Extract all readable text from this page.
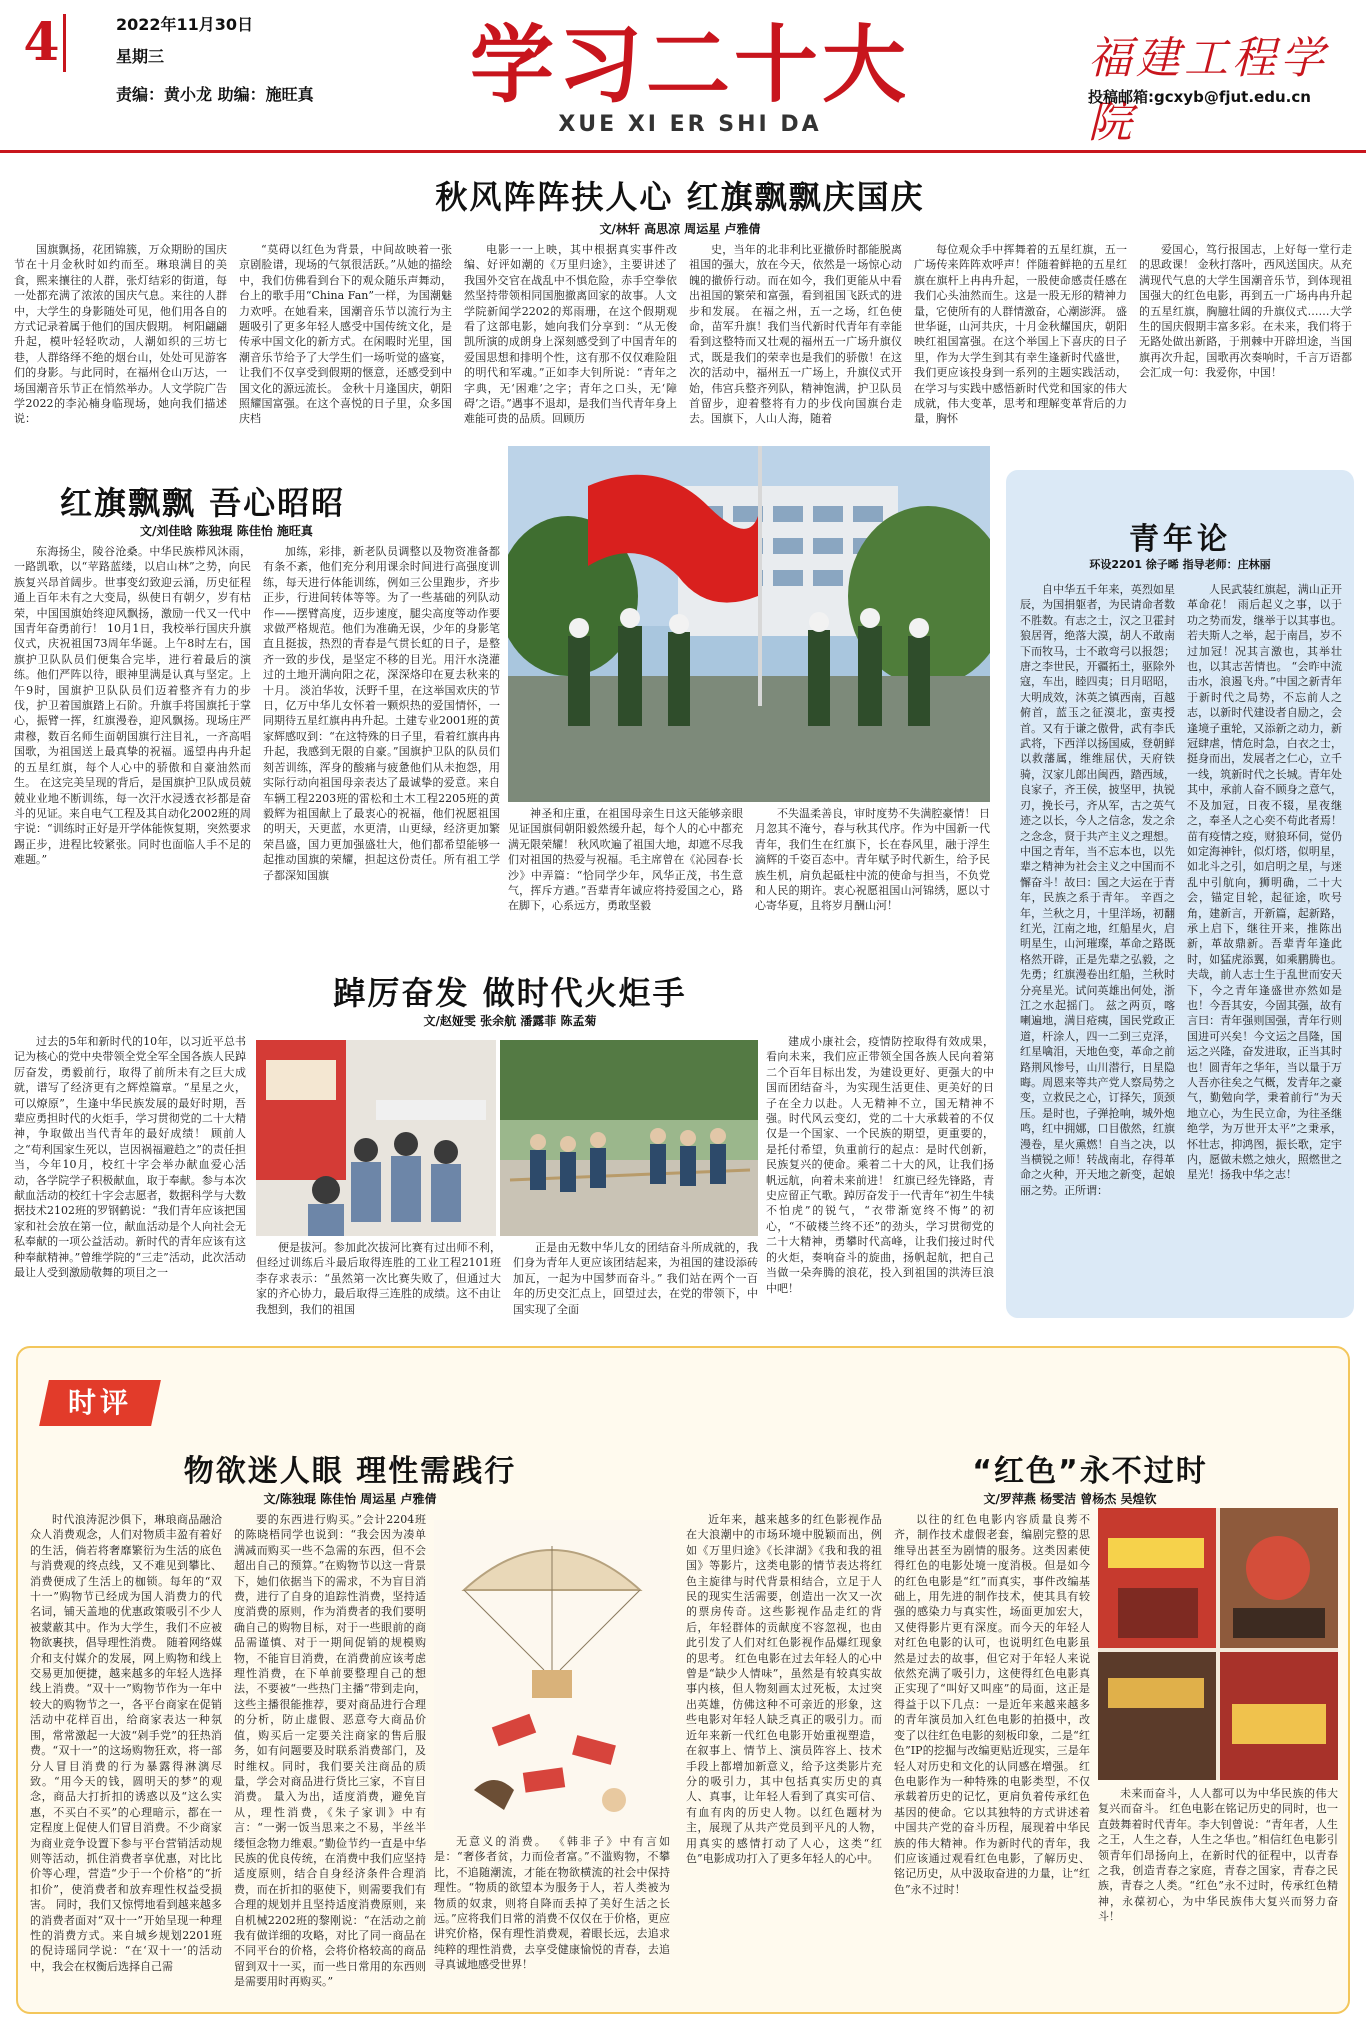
4	2022年11月30日
星期三
责编：黄小龙 助编：施旺真 学习二十大
XUE XI ER SHI DA
福建工程学院
投稿邮箱:gcxyb@fjut.edu.cn
秋风阵阵扶人心 红旗飘飘庆国庆
文/林轩 高思凉 周运星 卢雅倩

国旗飘扬，花团锦簇，万众期盼的国庆节在十月金秋时如约而至。琳琅满目的美食，熙来攘往的人群，张灯结彩的街道，每一处都充满了浓浓的国庆气息。来往的人群中，大学生的身影随处可见，他们用各自的方式记录着属于他们的国庆假期。 柯阳翩翩升起，模叶轻轻吹动，人潮如织的三坊七巷，人群络绎不绝的烟台山，处处可见游客们的身影。与此同时，在福州仓山万达，一场国潮音乐节正在悄然举办。人文学院广告学2022的李沁楠身临现场，她向我们描述说：

“莫碍以红色为背景，中间故映着一张京剧脸谱，现场的气氛很活跃。”从她的描绘中，我们仿佛看到台下的观众随乐声舞动，台上的歌手用“China Fan”一样，为国潮魅力欢呼。在她看来，国潮音乐节以流行为主题吸引了更多年轻人感受中国传统文化，是传承中国文化的新方式。在闲暇时光里，国潮音乐节给予了大学生们一场听觉的盛宴，让我们不仅享受到假期的惬意，还感受到中国文化的源远流长。 金秋十月逢国庆，朝阳照耀国富强。在这个喜悦的日子里，众多国庆档

电影一一上映，其中根据真实事件改编、好评如潮的《万里归途》，主要讲述了我国外交官在战乱中不惧危险，赤手空拳依然坚持带领相同国胞撤离回家的故事。人文学院新闻学2202的郑雨珊，在这个假期观看了这部电影，她向我们分享到：“从无俊凯所演的成朗身上深刻感受到了中国青年的爱国思想和排明个性，这有那不仅仅难险阻的明代和军魂。”正如李大钊所说：“青年之字典，无‘困难’之字；青年之口头，无‘障碍’之语。”遇事不退却，是我们当代青年身上难能可贵的品质。回顾历

史，当年的北非利比亚撤侨时都能脱离祖国的强大，放在今天，依然是一场惊心动魄的撤侨行动。而在如今，我们更能从中看出祖国的繁荣和富强，看到祖国飞跃式的进步和发展。 在福之州，五一之场，红色使命，苗军升旗！我们当代新时代青年有幸能看到这整特而又壮观的福州五一广场升旗仪式，既是我们的荣幸也是我们的骄傲！在这次的活动中，福州五一广场上，升旗仪式开始，伟宫兵整齐列队，精神饱满，护卫队员首留步，迎着整将有力的步伐向国旗台走去。国旗下，人山人海，随着

每位观众手中挥舞着的五星红旗，五一广场传来阵阵欢呼声！伴随着鲜艳的五星红旗在旗杆上冉冉升起，一股使命感责任感在我们心头油然而生。这是一股无形的精神力量，它使所有的人群情激奋，心潮澎湃。 盛世华诞，山河共庆，十月金秋耀国庆，朝阳映红祖国富强。在这个举国上下喜庆的日子里，作为大学生到其有幸生逢新时代盛世，我们更应该投身到一系列的主题实践活动，在学习与实践中感悟新时代党和国家的伟大成就，伟大变革，思考和理解变革背后的力量，胸怀

爱国心，笃行报国志，上好每一堂行走的思政课！ 金秋打落叶，西风送国庆。从充满现代气息的大学生国潮音乐节，到体现祖国强大的红色电影，再到五一广场冉冉升起的五星红旗，胸臆壮阔的升旗仪式……大学生的国庆假期丰富多彩。在未来，我们将于无路处做出新路，于荆棘中开辟坦途，当国旗再次升起，国歌再次奏响时，千言万语都会汇成一句：我爱你，中国！

红旗飘飘 吾心昭昭
文/刘佳晗 陈独琨 陈佳怡 施旺真

东海扬尘，陵谷沧桑。中华民族栉风沐雨，一路凯歌，以“苹路蓝缕，以启山林”之势，向民族复兴昂首阔步。世事变幻致迎云涌，历史征程通上百年未有之大变局，纵使日有朝夕，岁有枯荣，中国国旗始终迎风飘扬，激励一代又一代中国青年奋勇前行！ 10月1日，我校举行国庆升旗仪式，庆祝祖国73周年华诞。上午8时左右，国旗护卫队队员们便集合完毕，进行着最后的演练。他们严阵以待，眼神里满是认真与坚定。上午9时，国旗护卫队队员们迈着整齐有力的步伐，护卫着国旗踏上石阶。升旗手将国旗托于掌心，振臂一挥，红旗漫卷，迎风飘扬。现场庄严肃穆，数百名师生面朝国旗行注目礼，一齐高唱国歌，为祖国送上最真挚的祝福。遥望冉冉升起的五星红旗，每个人心中的骄傲和自豪油然而生。 在这完美呈现的背后，是国旗护卫队成员兢兢业业地不断训练，每一次汗水浸透衣衫都是奋斗的见证。来自电气工程及其自动化2002班的周宇说：“训练时正好是开学体能恢复期，突然要求踢正步，进程比较紧张。同时也面临人手不足的难题。”

加练，彩排，新老队员调整以及物资准备都有条不紊，他们充分利用课余时间进行高强度训练，每天进行体能训练，例如三公里跑步，齐步正步，行进间转体等等。为了一些基础的列队动作——摆臂高度，迈步速度，腿尖高度等动作要求做严格规范。他们为准确无误，少年的身影笔直且挺拔，热烈的青春是气贯长虹的日子，是整齐一致的步伐，是坚定不移的目光。用汗水浇灌过的土地开满向阳之花，深深烙印在夏去秋来的十月。 淡泊华妆，沃野千里，在这举国欢庆的节日，亿万中华儿女怀着一颗炽热的爱国情怀，一同期待五星红旗冉冉升起。土建专业2001班的黄家辉感叹到：“在这特殊的日子里，看着红旗冉冉升起，我感到无限的自豪。”国旗护卫队的队员们刻苦训练，浑身的酸痛与疲惫他们从未抱怨，用实际行动向祖国母亲表达了最诚挚的爱意。来自车辆工程2203班的雷松和土木工程2205班的黄毅辉为祖国献上了最衷心的祝福，他们祝愿祖国的明天，天更蓝，水更清，山更绿，经济更加繁荣昌盛，国力更加强盛壮大，他们都希望能够一起推动国旗的荣耀，担起这份责任。所有祖工学子都深知国旗

神圣和庄重，在祖国母亲生日这天能够亲眼见证国旗伺朝阳毅然缓升起，每个人的心中都充满无限荣耀！ 秋风吹遍了祖国大地，却遮不尽我们对祖国的热爱与祝福。毛主席曾在《沁园春·长沙》中弄篇：“恰同学少年，风华正茂，书生意气，挥斥方遒。”吾辈青年诚应将持爱国之心，路在脚下，心系远方，勇敢坚毅

不失温柔善良，审时度势不失满腔豪情！ 日月忽其不淹兮，春与秋其代序。作为中国新一代青年，我们生在红旗下，长在春风里，融于浮生滴辉的千姿百态中。青年赋予时代新生，给予民族生机，肩负起砥柱中流的使命与担当，不负党和人民的期许。衷心祝愿祖国山河锦绣，愿以寸心寄华夏，且将岁月酬山河！

踔厉奋发 做时代火炬手
文/赵娅雯 张余航 潘露菲 陈孟菊

过去的5年和新时代的10年，以习近平总书记为核心的党中央带领全党全军全国各族人民踔厉奋发，勇毅前行，取得了前所未有之巨大成就，谱写了经济更有之辉煌篇章。“星星之火，可以燎原”，生逢中华民族发展的最好时期，吾辈应勇担时代的火炬手，学习贯彻党的二十大精神，争取做出当代青年的最好成绩！ 顾前人之“苟利国家生死以，岂因祸福避趋之”的责任担当，今年10月，校红十字会举办献血爱心活动，各学院学子积极献血，取于奉献。参与本次献血活动的校红十字会志愿者，数据科学与大数据技术2102班的罗钢鹤说：“我们青年应该把国家和社会放在第一位，献血活动是个人向社会无私奉献的一项公益活动。新时代的青年应该有这种奉献精神。”曾维学院的“三走”活动，此次活动最让人受到激励敬舞的项目之一

便是拔河。参加此次拔河比赛有过出师不利，但经过训练后斗最后取得连胜的工业工程2101班李存求表示：“虽然第一次比赛失败了，但通过大家的齐心协力，最后取得三连胜的成绩。这不由让我想到，我们的祖国

正是由无数中华儿女的团结奋斗所成就的，我们身为青年人更应该团结起来，为祖国的建设添砖加瓦，一起为中国梦而奋斗。” 我们站在两个一百年的历史交汇点上，回望过去，在党的带领下，中国实现了全面

建成小康社会，疫情防控取得有效成果，看向未来，我们应正带领全国各族人民向着第二个百年目标出发，为建设更好、更强大的中国而团结奋斗，为实现生活更佳、更美好的日子在全力以赴。人无精神不立，国无精神不强。时代风云变幻，党的二十大承载着的不仅仅是一个国家、一个民族的期望，更重要的，是托付希望，负重前行的起点：是时代创新，民族复兴的使命。乘着二十大的风，让我们扬帆远航，向着未来前进！ 红旗已经先锋路，青史应留正气歌。踔厉奋发于一代青年“初生牛犊不怕虎”的锐气，“衣带渐宽终不悔”的初心，“不破楼兰终不还”的劲头，学习贯彻党的二十大精神，勇攀时代高峰，让我们接过时代的火炬，奏响奋斗的旋曲，扬帆起航，把自己当做一朵奔腾的浪花，投入到祖国的洪涛巨浪中吧！

青年论
环设2201 徐子晞 指导老师：庄林丽

自中华五千年来，英烈如星辰，为国捐躯者，为民请命者数不胜数。有志之士，汉之卫霍封狼居胥，绝落大漠，胡人不敢南下而牧马，士不敢弯弓以报怨；唐之李世民，开疆拓土，驱除外寇，车出，睦四夷；日月昭昭，大明成效，沐英之镇西南，百越俯首，蓝玉之征漠北，蛮夷授首。又有于谦之傲骨，武有李氏武将，下西洋以扬国威，登朝鲜以救藩属，维维屈伏，天府铁骑，汉家儿郎出闽西，踏西域，良家子，齐王侯，披坚甲，执锐刃，挽长弓，齐从军，古之英气迹之以长，今人之信念，发之余之念念，贤于共产主义之理想。中国之青年，当不忘本也，以先辈之精神为社会主义之中国而不懈奋斗！故曰：国之大运在于青年，民族之系于青年。 辛酉之年，兰秋之月，十里洋场，初翻红光，江南之地，红船星火，启明星生，山河璀璨，革命之路既格然开辟，正是先辈之弘毅，之先勇；红旗漫卷出红船，兰秋时分亮星光。试问英雄出何处，浙江之水起摇门。 兹之两页，喀喇遍地，满目疮痍，国民党政正道，杆涂人，四一二到三克泽，红星噙泪，天地色变，革命之前路荆风惨号，山川潜行，日星隐晦。周恩来等共产党人察局势之变，立救民之心，订择矢，顶颈压。是时也，子弹抢响，城外炮鸣，红中拥娜，口目傲然，红旗漫卷，星火熏燃！自当之决，以当横锐之师！转战南北，存得革命之火种，开天地之新变，起娘丽之势。正所谓：

人民武装红旗起，满山正开革命花！ 雨后起义之事，以于功之势而发，继举于以其事也。若夫斯人之举，起于南昌，岁不过加冠！况其言激也，其举壮也，以其志苦情也。 “会昨中流击水，浪遏飞舟。”中国之新青年于新时代之局势，不忘前人之志，以新时代建设者自励之，会逢境子重轮，又添新之动力，新冠肆虐，情危时急，白衣之士，挺身而出，发展者之仁心，立千一线，筑新时代之长城。青年处其中，承前人奋不顾身之意气，不及加冠，日夜不辍，星夜继之，奉圣人之心奕不苟此者焉！ 苗有疫情之疫，财狼环伺，觉仍如定海神针，似灯塔，似明星，如北斗之引，如启明之星，与迷乱中引航向，狮明确，二十大会，锚定目轮，起征途，吹号角，建新言，开新篇，起新路，承上启下，继往开来，推陈出新，革故鼎新。吾辈青年逢此时，如猛虎添翼，如乘鹏腾也。 夫哉，前人志士生于乱世而安天下，今之青年逢盛世亦然如是也！今吾其安，今固其强，故有言曰：青年强则国强，青年行则国进可兴矣！今文运之昌隆，国运之兴隆，奋发进取，正当其时也！圆青年之华年，当以量于万人吾亦往矣之气概，发青年之豪气，勤勉向学，秉着前行“为天地立心，为生民立命，为往圣继绝学，为万世开太平”之秉承，怀壮志，抑鸿图，振长歌，定宇内，愿做未燃之烛火，照燃世之星光！扬我中华之志！

时评
物欲迷人眼 理性需践行
文/陈独琨 陈佳怡 周运星 卢雅倩

时代浪涛泥沙俱下，琳琅商品融洽众人消费观念，人们对物质丰盈有着好的生活，倘若将奢靡繁衍为生活的底色与消费观的终点线，又不难见到攀比、消费便成了生活上的枷锁。每年的“双十一”购物节已经成为国人消费力的代名词，铺天盖地的优惠政策吸引不少人被蒙蔽其中。作为大学生，我们不应被物欲裹挟，倡导理性消费。 随着网络媒介和支付媒介的发展，网上购物和线上交易更加便捷，越来越多的年轻人选择线上消费。“双十一”购物节作为一年中较大的购物节之一，各平台商家在促销活动中花样百出，给商家表达一种氛围，常常激起一大波“剁手党”的狂热消费。“双十一”的这场购物狂欢，将一部分人冒目消费的行为暴露得淋漓尽致。“用今天的钱，圆明天的梦”的观念，商品大打折扣的诱惑以及“这么实惠，不买白不买”的心理暗示，都在一定程度上促使人们冒目消费。不少商家为商业竞争设置下参与平台营销活动规则等活动，抓住消费者享优惠，对比比价等心理，营造“少于一个价格”的“折扣价”，使消费者和放弃理性权益受损害。 同时，我们又惊愕地看到越来越多的消费者面对“双十一”开始呈现一种理性的消费方式。来自城乡规划2201班的倪诗瑶同学说：“在‘双十一’的活动中，我会在权衡后选择自己需

要的东西进行购买。”会计2204班的陈晓梧同学也说到：“我会因为凑单满减而购买一些不急需的东西，但不会超出自己的预算。”在购物节以这一背景下，她们依据当下的需求，不为盲目消费，进行了自身的追踪性消费，坚持适度消费的原则，作为消费者的我们要明确自己的购物目标，对于一些眼前的商品需谨慎、对于一期间促销的规模购物，不能盲目消费，在消费前应该考虑理性消费，在下单前要整理自己的想法，不要被“一些热门主播”带到走向，这些主播很能推荐，要对商品进行合理的分析，防止虚假、恶意夸大商品价值，购买后一定要关注商家的售后服务，如有问题要及时联系消费部门，及时维权。同时，我们要关注商品的质量，学会对商品进行货比三家，不盲目消费。 量入为出，适度消费，避免盲从，理性消费，《朱子家训》中有言：“一粥一饭当思来之不易，半丝半缕恒念物力维艰。”勤俭节约一直是中华民族的优良传统，在消费中我们应坚持适度原则，结合自身经济条件合理消费，而在折扣的驱使下，则需要我们有合理的规划并且坚持适度消费原则，来自机械2202班的黎刚说：“在活动之前我有做详细的攻略，对比了同一商品在不同平台的价格，会将价格较高的商品留到双十一买，而一些日常用的东西则是需要用时再购买。”

无意义的消费。 《韩非子》中有言如是：“奢侈者贫，力而俭者富。”不滥购物，不攀比，不追随潮流，才能在物欲横流的社会中保持理性。“物质的欲望本为服务于人，若人类被为物质的奴隶，则将自降而丢掉了美好生活之长远。”应将我们日常的消费不仅仅在于价格，更应讲究价格，保有理性消费观，着眼长远，去追求纯粹的理性消费，去享受健康愉悦的青春，去追寻真诚地感受世界！

“红色”永不过时
文/罗萍燕 杨雯洁 曾杨杰 吴煌钦

近年来，越来越多的红色影视作品在大浪潮中的市场环境中脱颖而出，例如《万里归途》《长津湖》《我和我的祖国》等影片，这类电影的情节表达将红色主旋律与时代背景相结合，立足于人民的现实生活需要，创造出一次又一次的票房传奇。这些影视作品走红的背后，年轻群体的贡献度不容忽视，也由此引发了人们对红色影视作品爆红现象的思考。 红色电影在过去年轻人的心中曾是“缺少人情味”，虽然是有较真实故事内核，但人物刻画太过死板，太过突出英雄，仿佛这种不可亲近的形象，这些电影对年轻人缺乏真正的吸引力。而近年来新一代红色电影开始重视塑造，在叙事上、情节上、演员阵容上、技术手段上都增加新意义，给予这类影片充分的吸引力，其中包括真实历史的真人、真事，让年轻人看到了真实可信、有血有肉的历史人物。以红色题材为主，展现了从共产党员到平凡的人物，用真实的感情打动了人心，这类“红色”电影成功打入了更多年轻人的心中。

以往的红色电影内容质量良莠不齐，制作技术虚假老套，编剧完整的思维导出甚至为剧情的服务。这类因素使得红色的电影处境一度消极。但是如今的红色电影是“红”而真实，事件改编基础上，用先进的制作技术，使其具有较强的感染力与真实性，场面更加宏大，又使得影片更有深度。而今天的年轻人对红色电影的认可，也说明红色电影虽然是过去的故事，但它对于年轻人来说依然充满了吸引力，这使得红色电影真正实现了“叫好又叫座”的局面，这正是得益于以下几点：一是近年来越来越多的青年演员加入红色电影的拍摄中，改变了以往红色电影的刻板印象，二是“红色”IP的挖掘与改编更贴近现实，三是年轻人对历史和文化的认同感在增强。 红色电影作为一种特殊的电影类型，不仅承载着历史的记忆，更肩负着传承红色基因的使命。它以其独特的方式讲述着中国共产党的奋斗历程，展现着中华民族的伟大精神。作为新时代的青年，我们应该通过观看红色电影，了解历史、铭记历史，从中汲取奋进的力量，让“红色”永不过时！

未来而奋斗，人人都可以为中华民族的伟大复兴而奋斗。 红色电影在铭记历史的同时，也一直鼓舞着时代青年。李大钊曾说：“青年者，人生之王，人生之春，人生之华也。”相信红色电影引领青年们昂扬向上，在新时代的征程中，以青春之我，创造青春之家庭，青春之国家，青春之民族，青春之人类。“红色”永不过时，传承红色精神，永葆初心，为中华民族伟大复兴而努力奋斗！
